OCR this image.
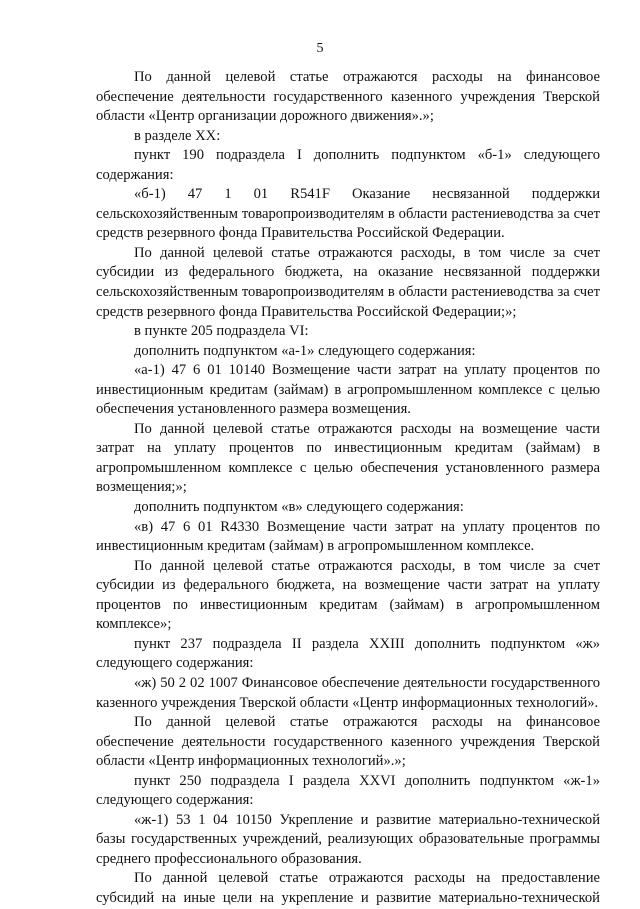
5

По данной целевой статье отражаются расходы на финансовое обеспечение деятельности государственного казенного учреждения Тверской области «Центр организации дорожного движения».»;

в разделе XX:

пункт 190 подраздела I дополнить подпунктом «б-1» следующего содержания:

«б-1) 47 1 01 R541F Оказание несвязанной поддержки сельскохозяйственным товаропроизводителям в области растениеводства за счет средств резервного фонда Правительства Российской Федерации.

По данной целевой статье отражаются расходы, в том числе за счет субсидии из федерального бюджета, на оказание несвязанной поддержки сельскохозяйственным товаропроизводителям в области растениеводства за счет средств резервного фонда Правительства Российской Федерации;»;

в пункте 205 подраздела VI:

дополнить подпунктом «а-1» следующего содержания:

«а-1) 47 6 01 10140 Возмещение части затрат на уплату процентов по инвестиционным кредитам (займам) в агропромышленном комплексе с целью обеспечения установленного размера возмещения.

По данной целевой статье отражаются расходы на возмещение части затрат на уплату процентов по инвестиционным кредитам (займам) в агропромышленном комплексе с целью обеспечения установленного размера возмещения;»;

дополнить подпунктом «в» следующего содержания:

«в) 47 6 01 R4330 Возмещение части затрат на уплату процентов по инвестиционным кредитам (займам) в агропромышленном комплексе.

По данной целевой статье отражаются расходы, в том числе за счет субсидии из федерального бюджета, на возмещение части затрат на уплату процентов по инвестиционным кредитам (займам) в агропромышленном комплексе»;

пункт 237 подраздела II раздела XXIII дополнить подпунктом «ж» следующего содержания:

«ж) 50 2 02 1007 Финансовое обеспечение деятельности государственного казенного учреждения Тверской области «Центр информационных технологий».

По данной целевой статье отражаются расходы на финансовое обеспечение деятельности государственного казенного учреждения Тверской области «Центр информационных технологий».»;

пункт 250 подраздела I раздела XXVI дополнить подпунктом «ж-1» следующего содержания:

«ж-1) 53 1 04 10150 Укрепление и развитие материально-технической базы государственных учреждений, реализующих образовательные программы среднего профессионального образования.

По данной целевой статье отражаются расходы на предоставление субсидий на иные цели на укрепление и развитие материально-технической
